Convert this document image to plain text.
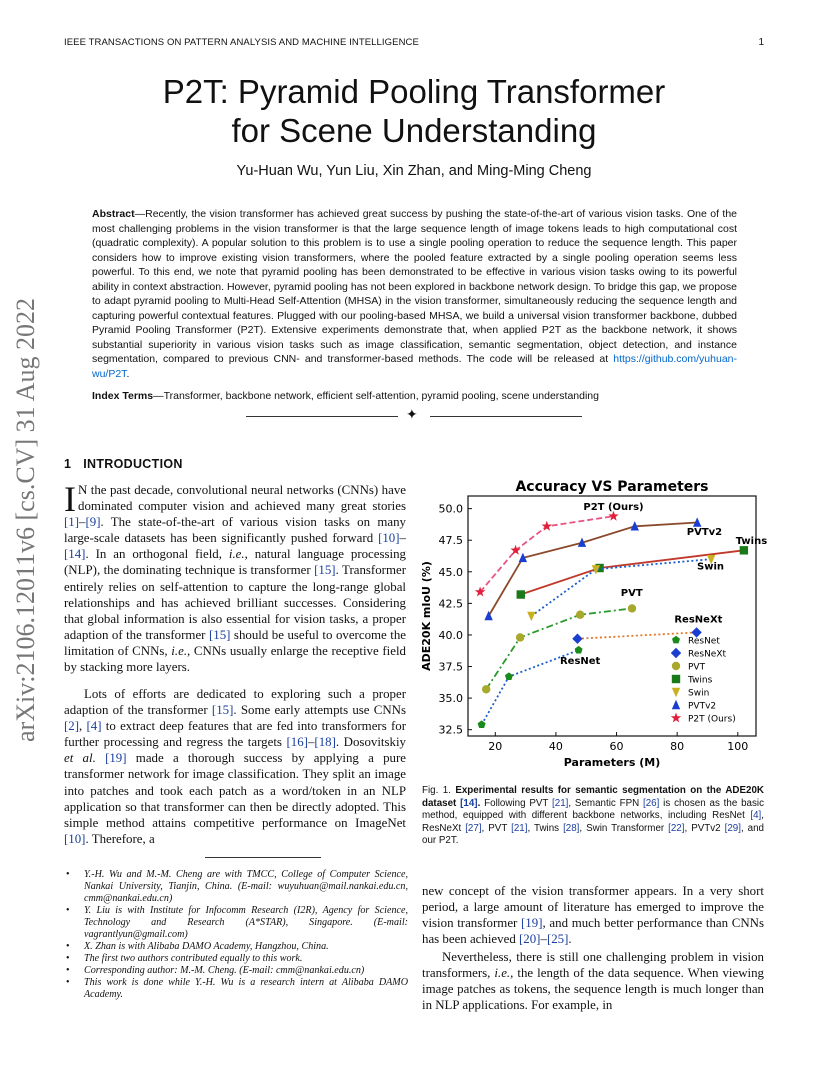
IEEE TRANSACTIONS ON PATTERN ANALYSIS AND MACHINE INTELLIGENCE	1
P2T: Pyramid Pooling Transformer
for Scene Understanding
Yu-Huan Wu, Yun Liu, Xin Zhan, and Ming-Ming Cheng
Abstract—Recently, the vision transformer has achieved great success by pushing the state-of-the-art of various vision tasks. One of the most challenging problems in the vision transformer is that the large sequence length of image tokens leads to high computational cost (quadratic complexity). A popular solution to this problem is to use a single pooling operation to reduce the sequence length. This paper considers how to improve existing vision transformers, where the pooled feature extracted by a single pooling operation seems less powerful. To this end, we note that pyramid pooling has been demonstrated to be effective in various vision tasks owing to its powerful ability in context abstraction. However, pyramid pooling has not been explored in backbone network design. To bridge this gap, we propose to adapt pyramid pooling to Multi-Head Self-Attention (MHSA) in the vision transformer, simultaneously reducing the sequence length and capturing powerful contextual features. Plugged with our pooling-based MHSA, we build a universal vision transformer backbone, dubbed Pyramid Pooling Transformer (P2T). Extensive experiments demonstrate that, when applied P2T as the backbone network, it shows substantial superiority in various vision tasks such as image classification, semantic segmentation, object detection, and instance segmentation, compared to previous CNN- and transformer-based methods. The code will be released at https://github.com/yuhuan-wu/P2T.
Index Terms—Transformer, backbone network, efficient self-attention, pyramid pooling, scene understanding
✦
arXiv:2106.12011v6 [cs.CV] 31 Aug 2022 1 INTRODUCTION
I N the past decade, convolutional neural networks (CNNs) have dominated computer vision and achieved many great stories [1]–[9]. The state-of-the-art of various vision tasks on many large-scale datasets has been significantly pushed forward [10]–[14]. In an orthogonal field, i.e., natural language processing (NLP), the dominating technique is transformer [15]. Transformer entirely relies on self-attention to capture the long-range global relationships and has achieved brilliant successes. Considering that global information is also essential for vision tasks, a proper adaption of the transformer [15] should be useful to overcome the limitation of CNNs, i.e., CNNs usually enlarge the receptive field by stacking more layers.
Lots of efforts are dedicated to exploring such a proper adaption of the transformer [15]. Some early attempts use CNNs [2], [4] to extract deep features that are fed into transformers for further processing and regress the targets [16]–[18]. Dosovitskiy et al. [19] made a thorough success by applying a pure transformer network for image classification. They split an image into patches and took each patch as a word/token in an NLP application so that transformer can then be directly adopted. This simple method attains competitive performance on ImageNet [10]. Therefore, a
• Y.-H. Wu and M.-M. Cheng are with TMCC, College of Computer Science, Nankai University, Tianjin, China. (E-mail: wuyuhuan@mail.nankai.edu.cn, cmm@nankai.edu.cn)
• Y. Liu is with Institute for Infocomm Research (I2R), Agency for Science, Technology and Research (A*STAR), Singapore. (E-mail: vagrantlyun@gmail.com)
• X. Zhan is with Alibaba DAMO Academy, Hangzhou, China.
• The first two authors contributed equally to this work.
• Corresponding author: M.-M. Cheng. (E-mail: cmm@nankai.edu.cn)
• This work is done while Y.-H. Wu is a research intern at Alibaba DAMO Academy.
Accuracy VS Parameters
Parameters (M)
ADE20K mIoU (%)
20	40	60	80	100
32.5
35.0
37.5
40.0
42.5
45.0
47.5
50.0	P2T (Ours)
PVTv2
Twins
Swin
PVT
ResNeXt
ResNet
ResNet
ResNeXt
PVT
Twins
Swin
PVTv2
P2T (Ours)
Fig. 1. Experimental results for semantic segmentation on the ADE20K dataset [14]. Following PVT [21], Semantic FPN [26] is chosen as the basic method, equipped with different backbone networks, including ResNet [4], ResNeXt [27], PVT [21], Twins [28], Swin Transformer [22], PVTv2 [29], and our P2T.
new concept of the vision transformer appears. In a very short period, a large amount of literature has emerged to improve the vision transformer [19], and much better performance than CNNs has been achieved [20]–[25].
Nevertheless, there is still one challenging problem in vision transformers, i.e., the length of the data sequence. When viewing image patches as tokens, the sequence length is much longer than in NLP applications. For example, in
